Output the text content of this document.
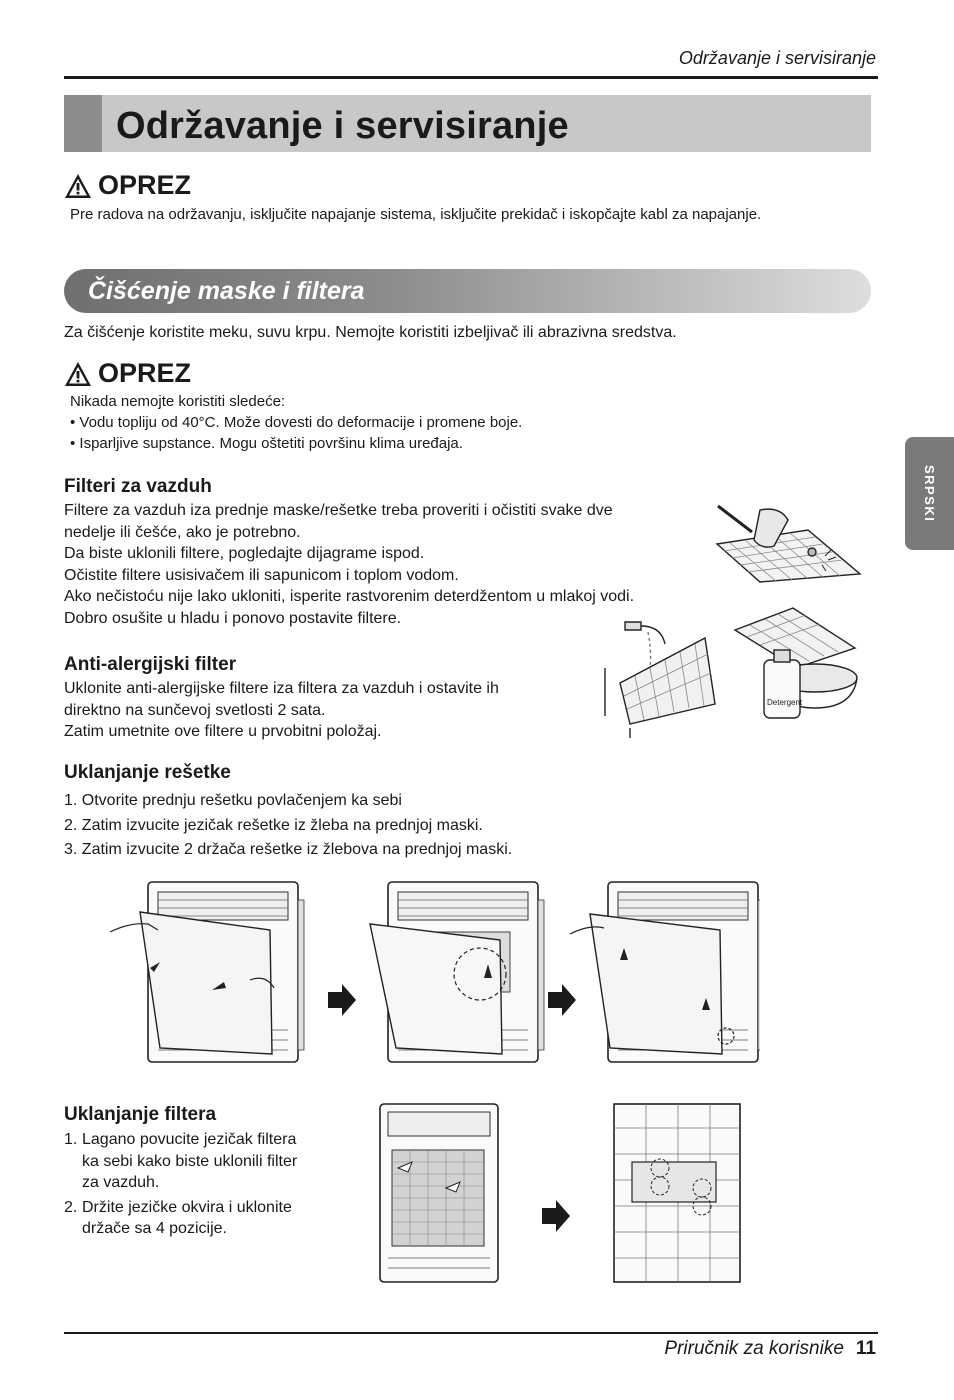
Održavanje i servisiranje
Održavanje i servisiranje
OPREZ
Pre radova na održavanju, isključite napajanje sistema, isključite prekidač i iskopčajte kabl za napajanje.
Čišćenje maske i filtera
Za čišćenje koristite meku, suvu krpu. Nemojte koristiti izbeljivač ili abrazivna sredstva.
OPREZ
Nikada nemojte koristiti sledeće:
• Vodu topliju od 40°C. Može dovesti do deformacije i promene boje.
• Isparljive supstance. Mogu oštetiti površinu klima uređaja.
SRPSKI
Filteri za vazduh
Filtere za vazduh iza prednje maske/rešetke treba proveriti i očistiti svake dve
nedelje ili češće, ako je potrebno.
Da biste uklonili filtere, pogledajte dijagrame ispod.
Očistite filtere usisivačem ili sapunicom i toplom vodom.
Ako nečistoću nije lako ukloniti, isperite rastvorenim deterdžentom u mlakoj vodi.
Dobro osušite u hladu i ponovo postavite filtere.
Anti-alergijski filter
Uklonite anti-alergijske filtere iza filtera za vazduh i ostavite ih
direktno na sunčevoj svetlosti 2 sata.
Zatim umetnite ove filtere u prvobitni položaj.
Detergent
Uklanjanje rešetke
1. Otvorite prednju rešetku povlačenjem ka sebi
2. Zatim izvucite jezičak rešetke iz žleba na prednjoj maski.
3. Zatim izvucite 2 držača rešetke iz žlebova na prednjoj maski.
Uklanjanje filtera
1. Lagano povucite jezičak filtera
ka sebi kako biste uklonili filter
za vazduh.
2. Držite jezičke okvira i uklonite
držače sa 4 pozicije.
Priručnik za korisnike 11
